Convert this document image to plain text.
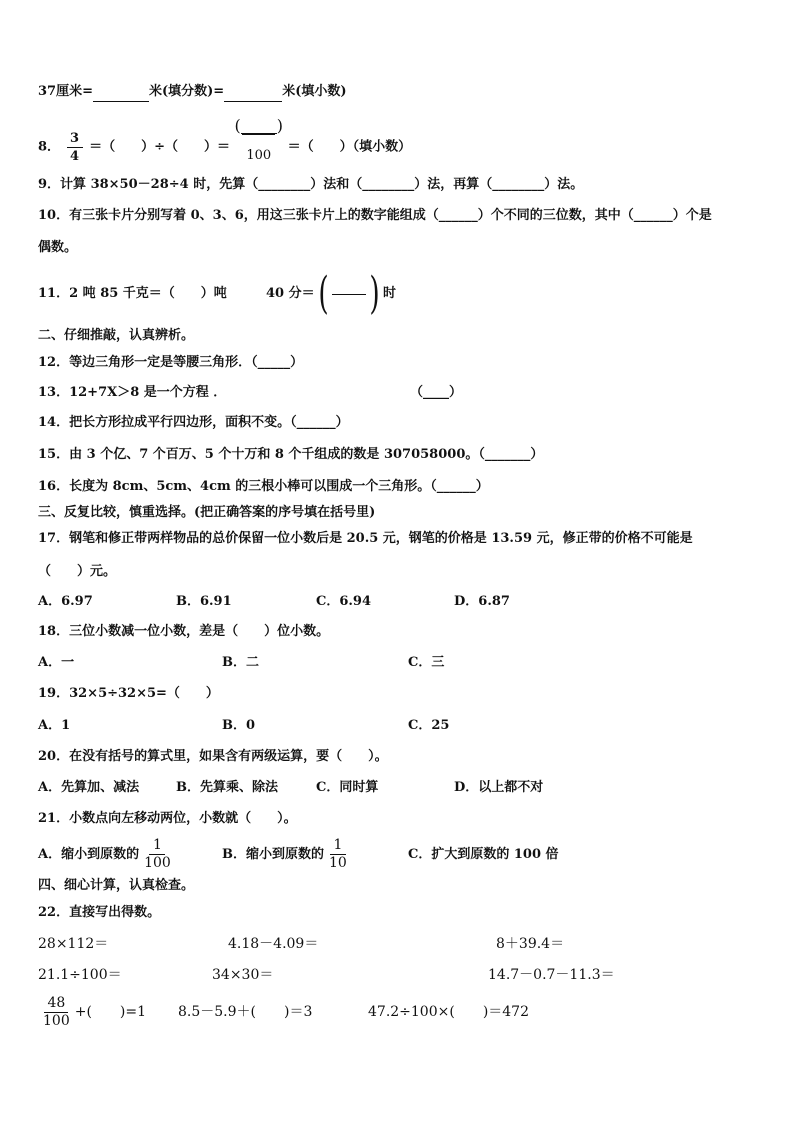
37厘米=	米(填分数)=	米(填小数)
8． $\frac{3}{4}$ ＝（　　）÷（　　）＝ $\frac{( )}{100}$ ＝（　　）（填小数）
9．计算 38×50－28÷4 时，先算（________）法和（________）法，再算（________）法。
10．有三张卡片分别写着 0、3、6，用这三张卡片上的数字能组成（______）个不同的三位数，其中（______）个是
偶数。
11．2 吨 85 千克＝（　　）吨	40 分＝( ) 时
二、仔细推敲，认真辨析。
12．等边三角形一定是等腰三角形．（_____）
13．12+7X＞8 是一个方程 ．	（____）
14．把长方形拉成平行四边形，面积不变。（______）
15．由 3 个亿、7 个百万、5 个十万和 8 个千组成的数是 307058000。（_______）
16．长度为 8cm、5cm、4cm 的三根小棒可以围成一个三角形。（______）
三、反复比较，慎重选择。(把正确答案的序号填在括号里)
17．钢笔和修正带两样物品的总价保留一位小数后是 20.5 元，钢笔的价格是 13.59 元，修正带的价格不可能是
（　　）元。
A．6.97	B．6.91	C．6.94	D．6.87
18．三位小数减一位小数，差是（　　）位小数。
A．一	B．二	C．三
19．32×5÷32×5=（　　）
A．1	B．0	C．25
20．在没有括号的算式里，如果含有两级运算，要（　　）。
A．先算加、减法	B．先算乘、除法	C．同时算	D．以上都不对
21．小数点向左移动两位，小数就（　　）。
A．缩小到原数的 $\frac{1}{100}$	B．缩小到原数的 $\frac{1}{10}$	C．扩大到原数的 100 倍
四、细心计算，认真检查。
22．直接写出得数。
28×112＝	4.18－4.09＝	8＋39.4＝
21.1÷100＝	34×30＝	14.7－0.7－11.3＝
$\frac{48}{100}$ +(　　)=1 8.5－5.9＋(　　)＝3	47.2÷100×(　　)＝472
